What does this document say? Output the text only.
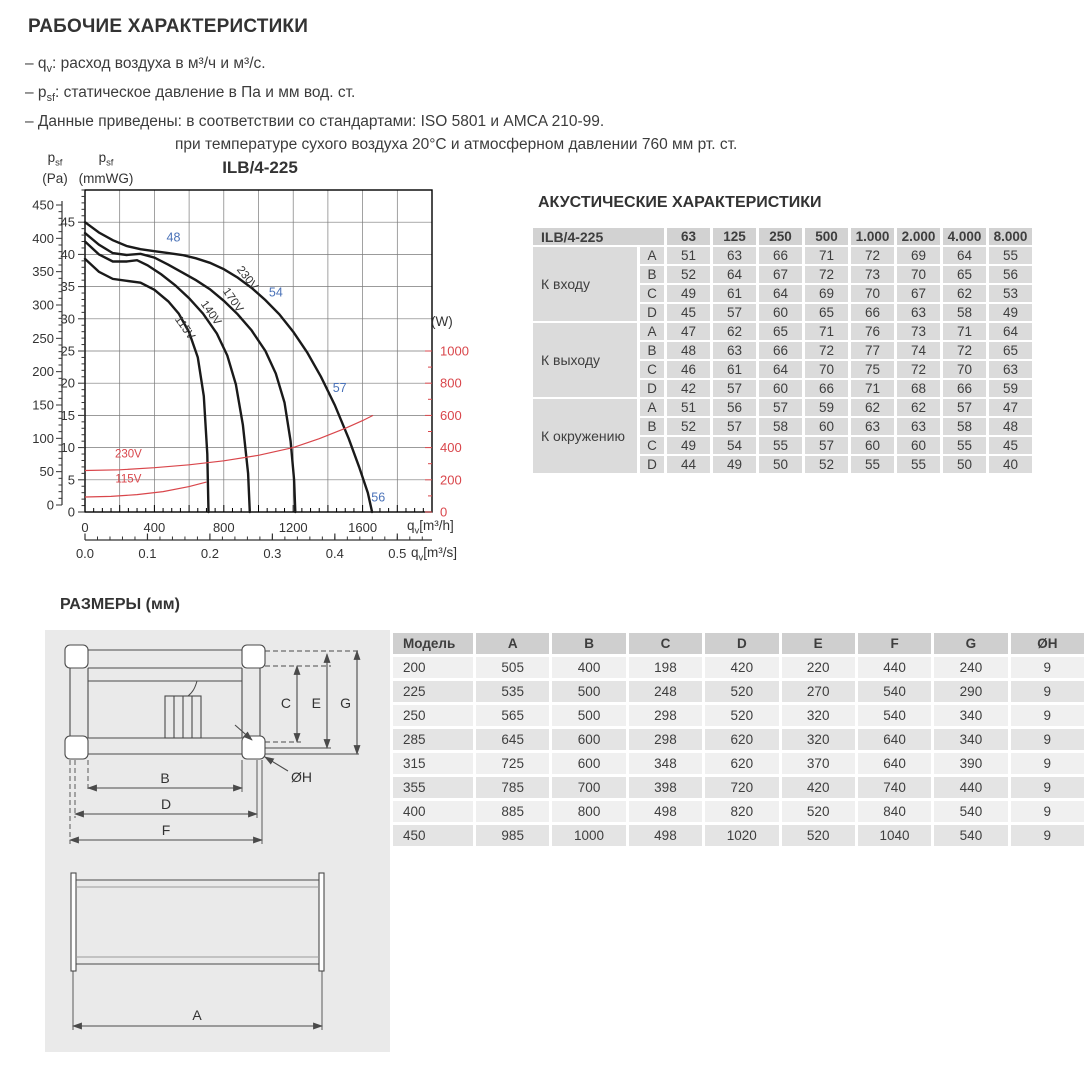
РАБОЧИЕ ХАРАКТЕРИСТИКИ
– $q_v$: расход воздуха в м³/ч и м³/с.
– $p_{sf}$: статическое давление в Па и мм вод. ст.
– Данные приведены: в соответствии со стандартами: ISO 5801 и AMCA 210-99.
при температуре сухого воздуха 20°C и атмосферном давлении 760 мм рт. ст.
0
50
100
150
200
250
300
350
400
450
0
5
10
15
20
25
30
35
40
45
0	400	800	1200	1600
1000
800
600
400
200
0
0.0	0.1	0.2	0.3	0.4	0.5
230V
170V
140V
115V
48
54
57
56
230V
115V
$p_{sf}$
(Pa)
$p_{sf}$
(mmWG)
ILB/4-225
(W)
$q_v[m^3/h]$
$q_v[m^3/s]$
АКУСТИЧЕСКИЕ ХАРАКТЕРИСТИКИ
ILB/4-225		63	125	250	500	1.000	2.000	4.000	8.000
К входу	A	51	63	66	71	72	69	64	55
	B	52	64	67	72	73	70	65	56
	C	49	61	64	69	70	67	62	53
	D	45	57	60	65	66	63	58	49
К выходу	A	47	62	65	71	76	73	71	64
	B	48	63	66	72	77	74	72	65
	C	46	61	64	70	75	72	70	63
	D	42	57	60	66	71	68	66	59
К окружению	A	51	56	57	59	62	62	57	47
	B	52	57	58	60	63	63	58	48
	C	49	54	55	57	60	60	55	45
	D	44	49	50	52	55	55	50	40
РАЗМЕРЫ (мм)
C E G
B
D
F
ØH
A
Модель	A	B	C	D	E	F	G	ØH
200	505	400	198	420	220	440	240	9
225	535	500	248	520	270	540	290	9
250	565	500	298	520	320	540	340	9
285	645	600	298	620	320	640	340	9
315	725	600	348	620	370	640	390	9
355	785	700	398	720	420	740	440	9
400	885	800	498	820	520	840	540	9
450	985	1000	498	1020	520	1040	540	9
